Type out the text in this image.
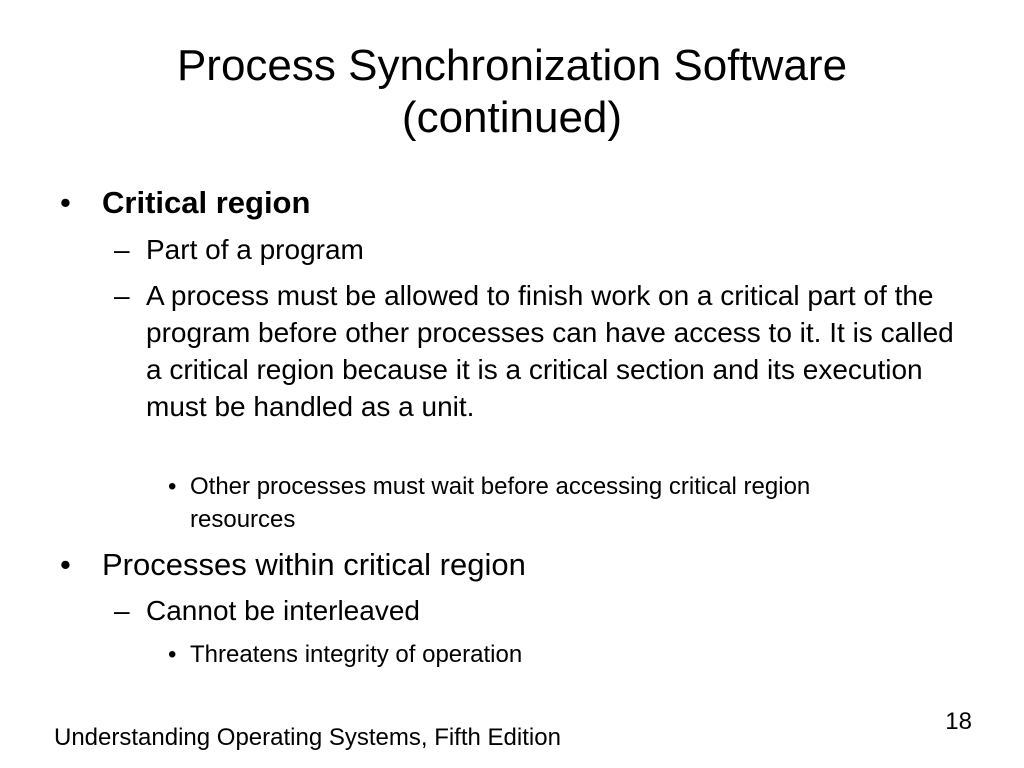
Process Synchronization Software
(continued)
• Critical region
– Part of a program
– A process must be allowed to finish work on a critical part of the program before other processes can have access to it. It is called a critical region because it is a critical section and its execution must be handled as a unit.
• Other processes must wait before accessing critical region resources
• Processes within critical region
– Cannot be interleaved
• Threatens integrity of operation
Understanding Operating Systems, Fifth Edition
18
